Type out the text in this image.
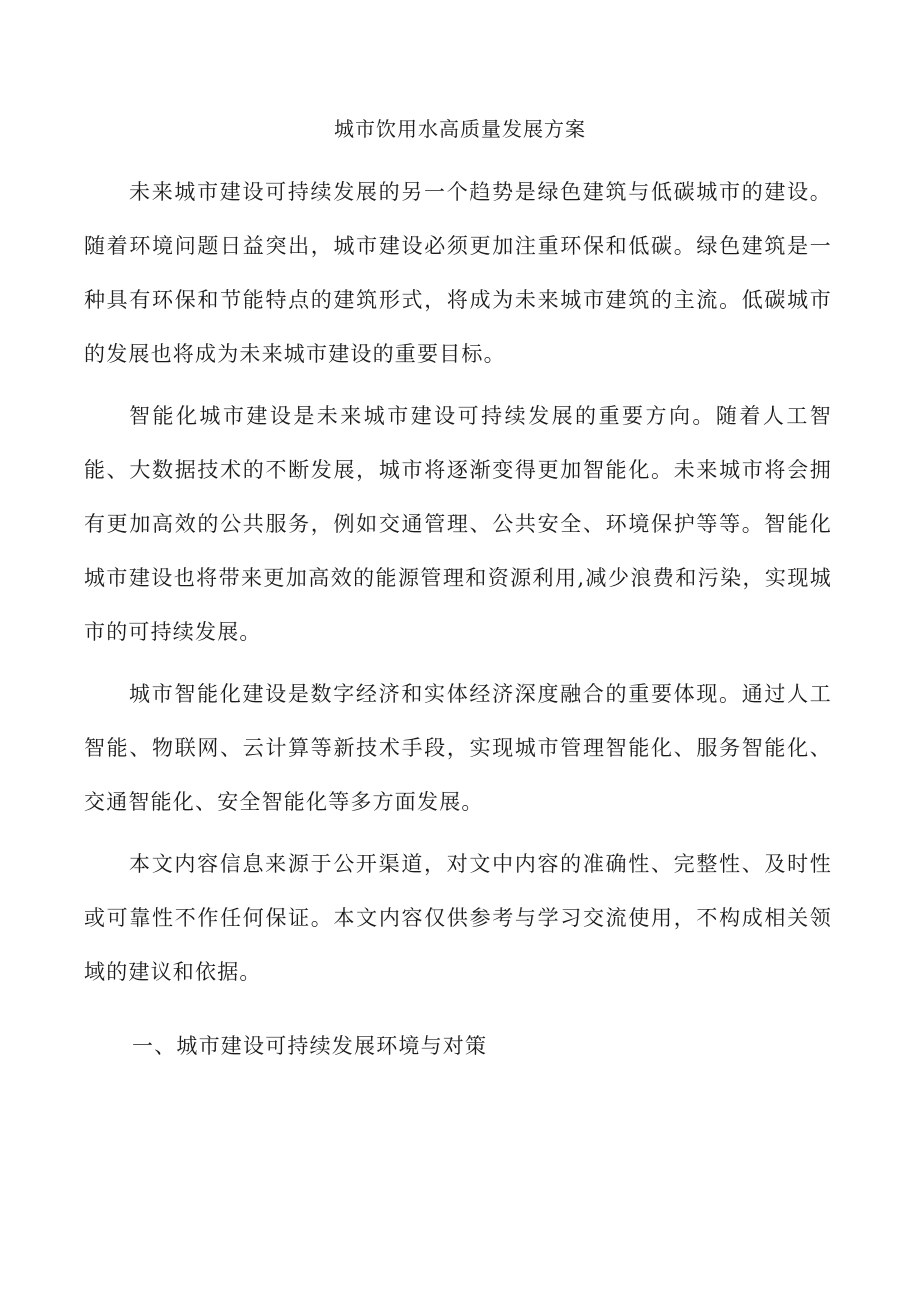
城市饮用水高质量发展方案

未来城市建设可持续发展的另一个趋势是绿色建筑与低碳城市的建设。随着环境问题日益突出，城市建设必须更加注重环保和低碳。绿色建筑是一种具有环保和节能特点的建筑形式，将成为未来城市建筑的主流。低碳城市的发展也将成为未来城市建设的重要目标。

智能化城市建设是未来城市建设可持续发展的重要方向。随着人工智能、大数据技术的不断发展，城市将逐渐变得更加智能化。未来城市将会拥有更加高效的公共服务，例如交通管理、公共安全、环境保护等等。智能化城市建设也将带来更加高效的能源管理和资源利用,减少浪费和污染，实现城市的可持续发展。

城市智能化建设是数字经济和实体经济深度融合的重要体现。通过人工智能、物联网、云计算等新技术手段，实现城市管理智能化、服务智能化、交通智能化、安全智能化等多方面发展。

本文内容信息来源于公开渠道，对文中内容的准确性、完整性、及时性或可靠性不作任何保证。本文内容仅供参考与学习交流使用，不构成相关领域的建议和依据。

一、城市建设可持续发展环境与对策
